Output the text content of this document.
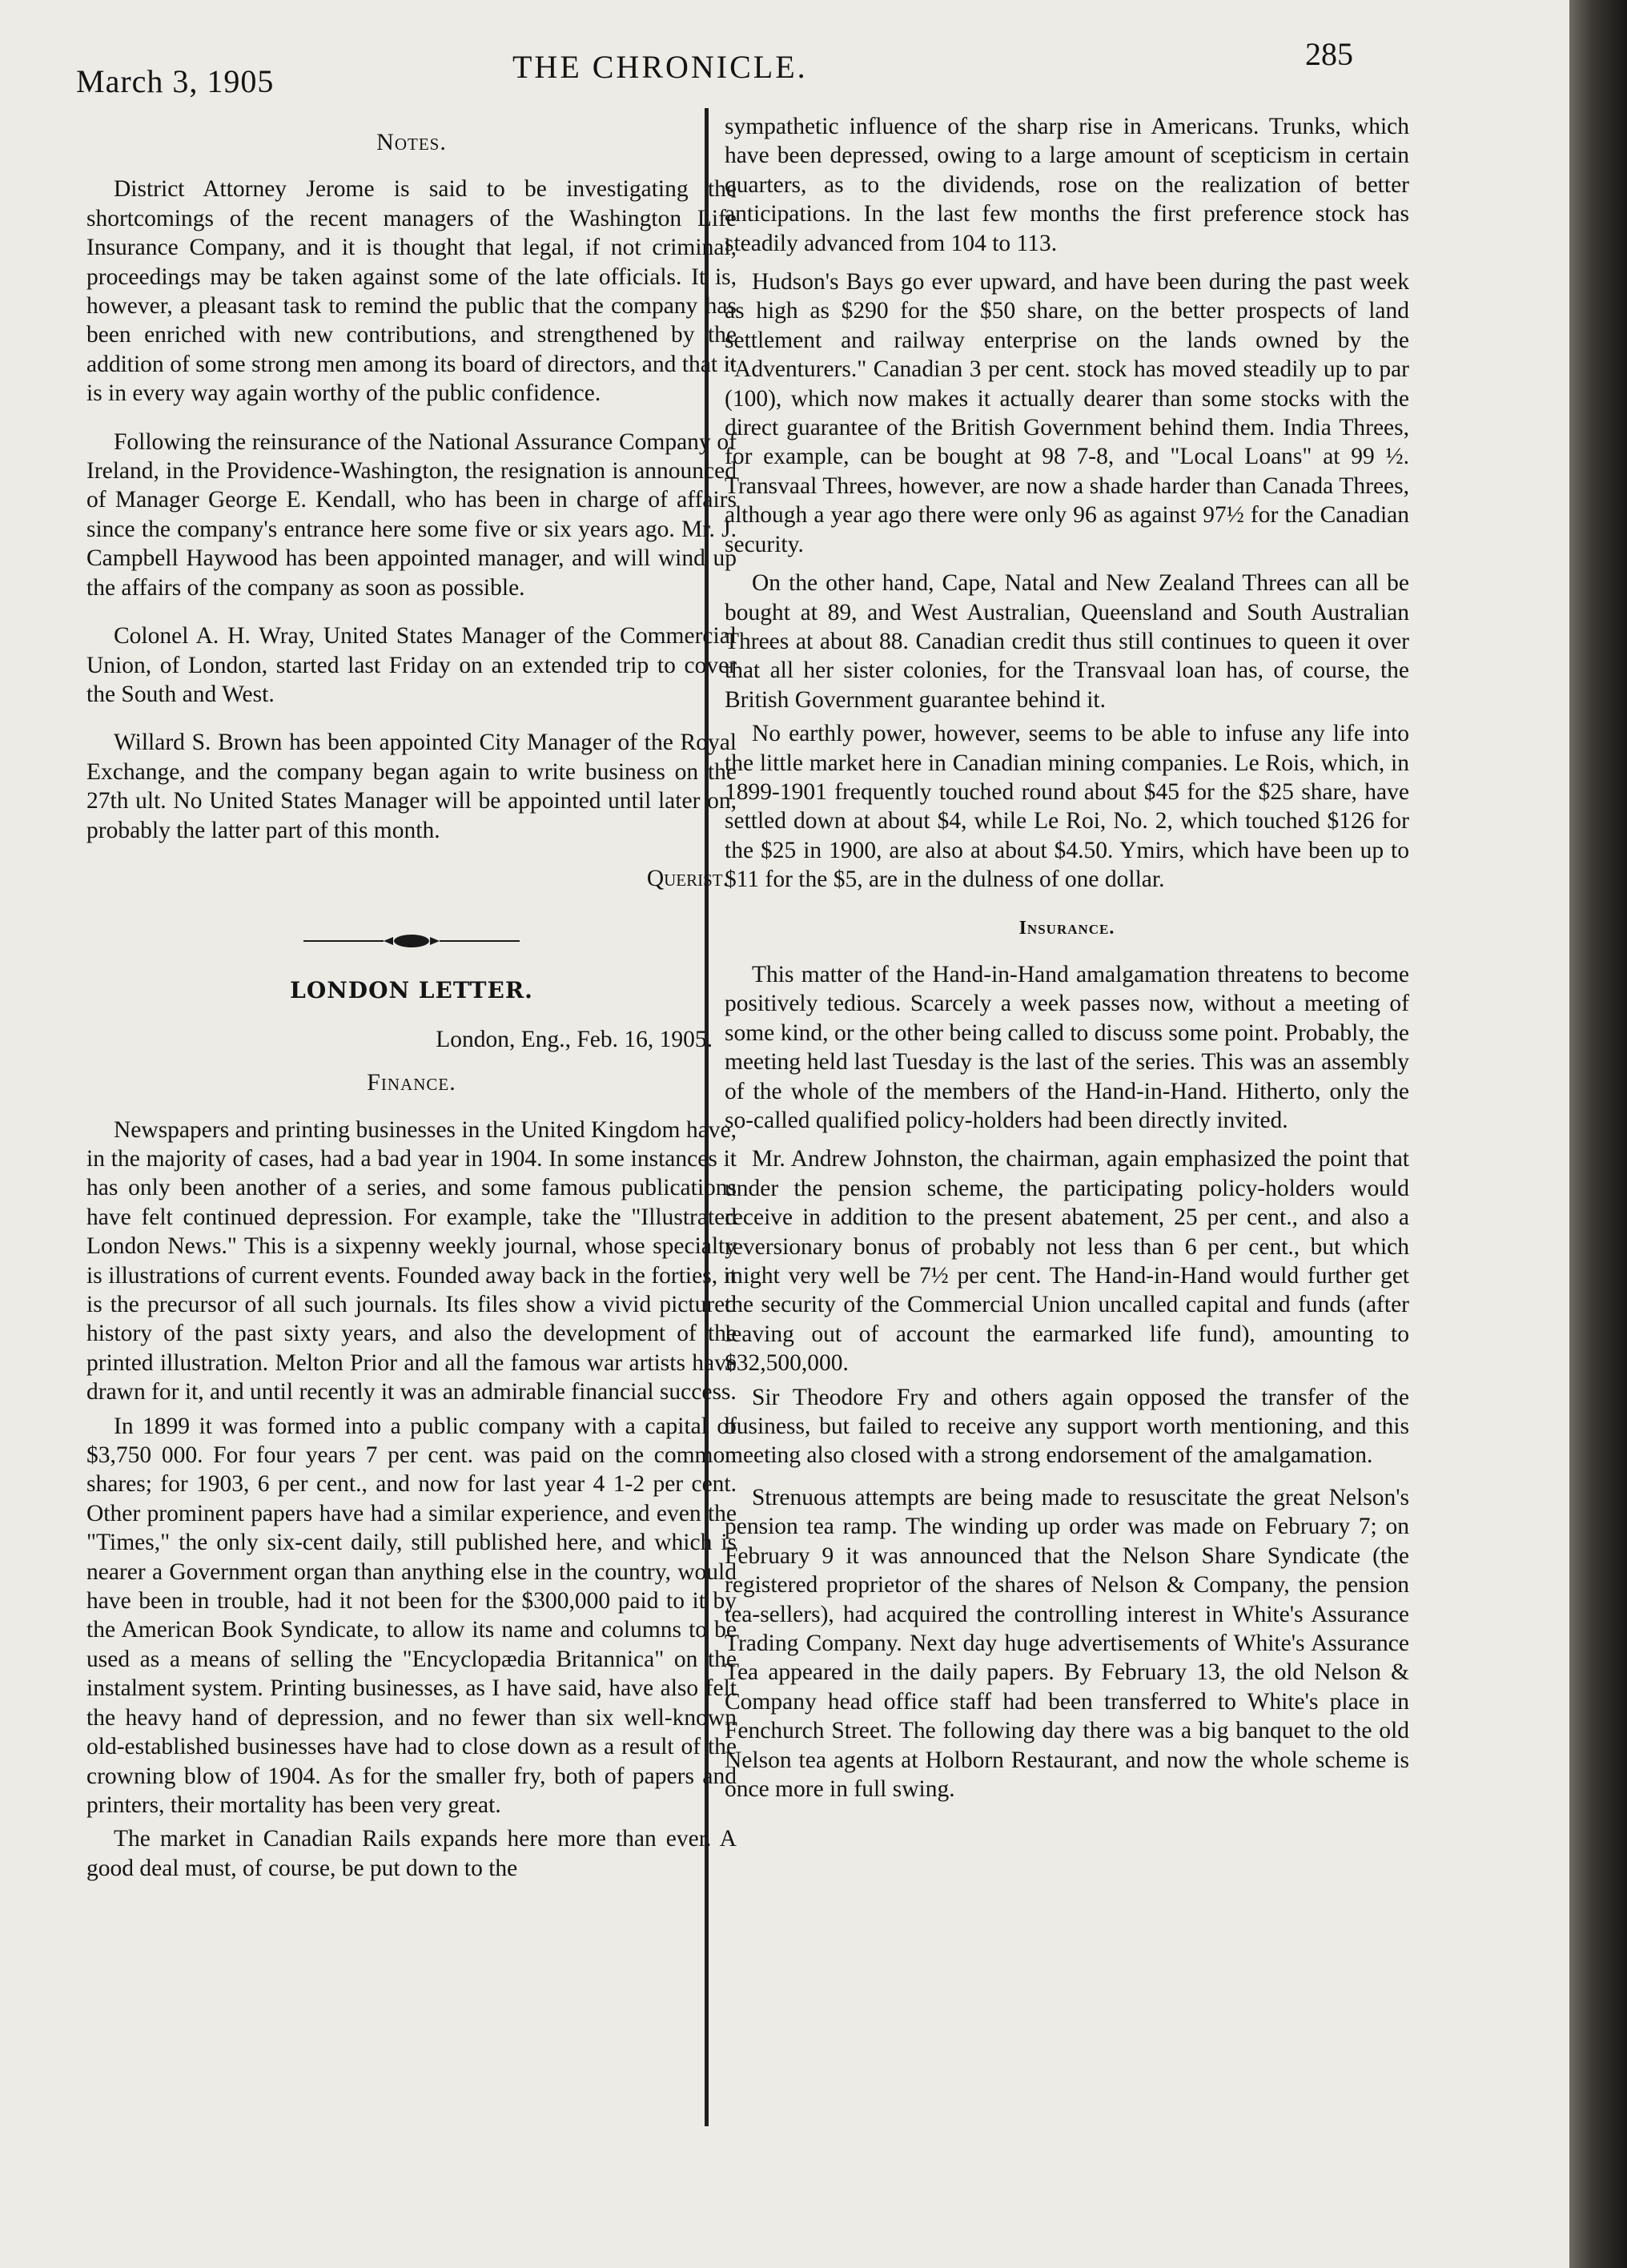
March 3, 1905	THE CHRONICLE.	285
Notes.

District Attorney Jerome is said to be investigating the shortcomings of the recent managers of the Washington Life Insurance Company, and it is thought that legal, if not criminal, proceedings may be taken against some of the late officials. It is, however, a pleasant task to remind the public that the company has been enriched with new contributions, and strengthened by the addition of some strong men among its board of directors, and that it is in every way again worthy of the public confidence.

Following the reinsurance of the National Assurance Company of Ireland, in the Providence-Washington, the resignation is announced of Manager George E. Kendall, who has been in charge of affairs since the company's entrance here some five or six years ago. Mr. J. Campbell Haywood has been appointed manager, and will wind up the affairs of the company as soon as possible.

Colonel A. H. Wray, United States Manager of the Commercial Union, of London, started last Friday on an extended trip to cover the South and West.

Willard S. Brown has been appointed City Manager of the Royal Exchange, and the company began again to write business on the 27th ult. No United States Manager will be appointed until later on, probably the latter part of this month.

Querist.
LONDON LETTER.
London, Eng., Feb. 16, 1905.
Finance.

Newspapers and printing businesses in the United Kingdom have, in the majority of cases, had a bad year in 1904. In some instances it has only been another of a series, and some famous publications have felt continued depression. For example, take the "Illustrated London News." This is a sixpenny weekly journal, whose specialty is illustrations of current events. Founded away back in the forties, it is the precursor of all such journals. Its files show a vivid pictured history of the past sixty years, and also the development of the printed illustration. Melton Prior and all the famous war artists have drawn for it, and until recently it was an admirable financial success.

In 1899 it was formed into a public company with a capital of $3,750 000. For four years 7 per cent. was paid on the common shares; for 1903, 6 per cent., and now for last year 4 1-2 per cent. Other prominent papers have had a similar experience, and even the "Times," the only six-cent daily, still published here, and which is nearer a Government organ than anything else in the country, would have been in trouble, had it not been for the $300,000 paid to it by the American Book Syndicate, to allow its name and columns to be used as a means of selling the "Encyclopædia Britannica" on the instalment system. Printing businesses, as I have said, have also felt the heavy hand of depression, and no fewer than six well-known old-established businesses have had to close down as a result of the crowning blow of 1904. As for the smaller fry, both of papers and printers, their mortality has been very great.

The market in Canadian Rails expands here more than ever. A good deal must, of course, be put down to the

sympathetic influence of the sharp rise in Americans. Trunks, which have been depressed, owing to a large amount of scepticism in certain quarters, as to the dividends, rose on the realization of better anticipations. In the last few months the first preference stock has steadily advanced from 104 to 113.

Hudson's Bays go ever upward, and have been during the past week as high as $290 for the $50 share, on the better prospects of land settlement and railway enterprise on the lands owned by the "Adventurers." Canadian 3 per cent. stock has moved steadily up to par (100), which now makes it actually dearer than some stocks with the direct guarantee of the British Government behind them. India Threes, for example, can be bought at 98 7-8, and "Local Loans" at 99 ½. Transvaal Threes, however, are now a shade harder than Canada Threes, although a year ago there were only 96 as against 97½ for the Canadian security.

On the other hand, Cape, Natal and New Zealand Threes can all be bought at 89, and West Australian, Queensland and South Australian Threes at about 88. Canadian credit thus still continues to queen it over that all her sister colonies, for the Transvaal loan has, of course, the British Government guarantee behind it.

No earthly power, however, seems to be able to infuse any life into the little market here in Canadian mining companies. Le Rois, which, in 1899-1901 frequently touched round about $45 for the $25 share, have settled down at about $4, while Le Roi, No. 2, which touched $126 for the $25 in 1900, are also at about $4.50. Ymirs, which have been up to $11 for the $5, are in the dulness of one dollar.

Insurance.

This matter of the Hand-in-Hand amalgamation threatens to become positively tedious. Scarcely a week passes now, without a meeting of some kind, or the other being called to discuss some point. Probably, the meeting held last Tuesday is the last of the series. This was an assembly of the whole of the members of the Hand-in-Hand. Hitherto, only the so-called qualified policy-holders had been directly invited.

Mr. Andrew Johnston, the chairman, again emphasized the point that under the pension scheme, the participating policy-holders would receive in addition to the present abatement, 25 per cent., and also a reversionary bonus of probably not less than 6 per cent., but which might very well be 7½ per cent. The Hand-in-Hand would further get the security of the Commercial Union uncalled capital and funds (after leaving out of account the earmarked life fund), amounting to $32,500,000.

Sir Theodore Fry and others again opposed the transfer of the business, but failed to receive any support worth mentioning, and this meeting also closed with a strong endorsement of the amalgamation.

Strenuous attempts are being made to resuscitate the great Nelson's pension tea ramp. The winding up order was made on February 7; on February 9 it was announced that the Nelson Share Syndicate (the registered proprietor of the shares of Nelson & Company, the pension tea-sellers), had acquired the controlling interest in White's Assurance Trading Company. Next day huge advertisements of White's Assurance Tea appeared in the daily papers. By February 13, the old Nelson & Company head office staff had been transferred to White's place in Fenchurch Street. The following day there was a big banquet to the old Nelson tea agents at Holborn Restaurant, and now the whole scheme is once more in full swing.
